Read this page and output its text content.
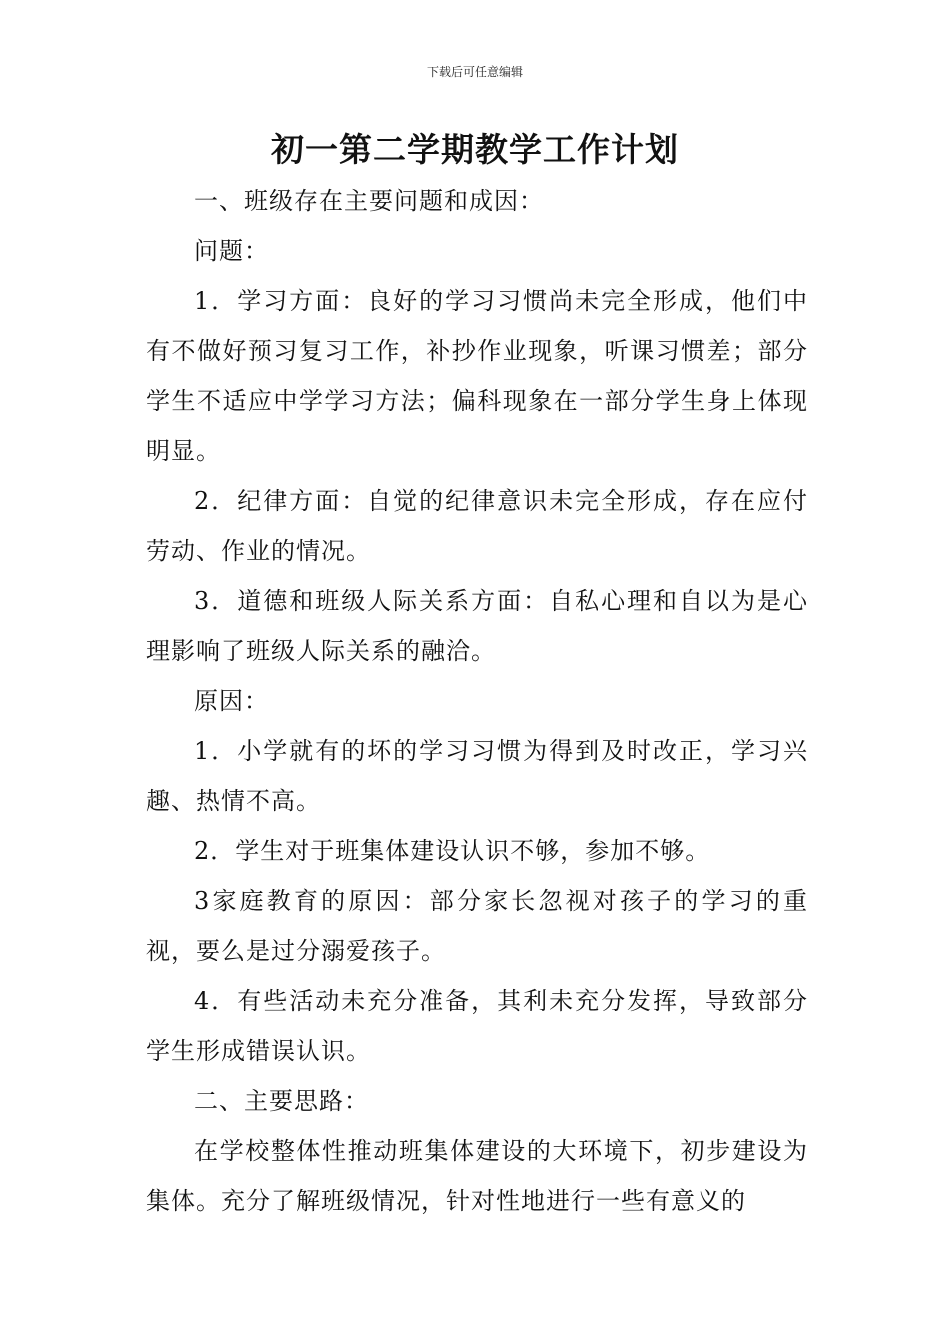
下载后可任意编辑
初一第二学期教学工作计划

一、班级存在主要问题和成因：

问题：

1．学习方面：良好的学习习惯尚未完全形成，他们中有不做好预习复习工作，补抄作业现象，听课习惯差；部分学生不适应中学学习方法；偏科现象在一部分学生身上体现明显。

2．纪律方面：自觉的纪律意识未完全形成，存在应付劳动、作业的情况。

3．道德和班级人际关系方面：自私心理和自以为是心理影响了班级人际关系的融洽。

原因：

1．小学就有的坏的学习习惯为得到及时改正，学习兴趣、热情不高。

2．学生对于班集体建设认识不够，参加不够。

3家庭教育的原因：部分家长忽视对孩子的学习的重视，要么是过分溺爱孩子。

4．有些活动未充分准备，其利未充分发挥，导致部分学生形成错误认识。

二、主要思路：

在学校整体性推动班集体建设的大环境下，初步建设为集体。充分了解班级情况，针对性地进行一些有意义的
